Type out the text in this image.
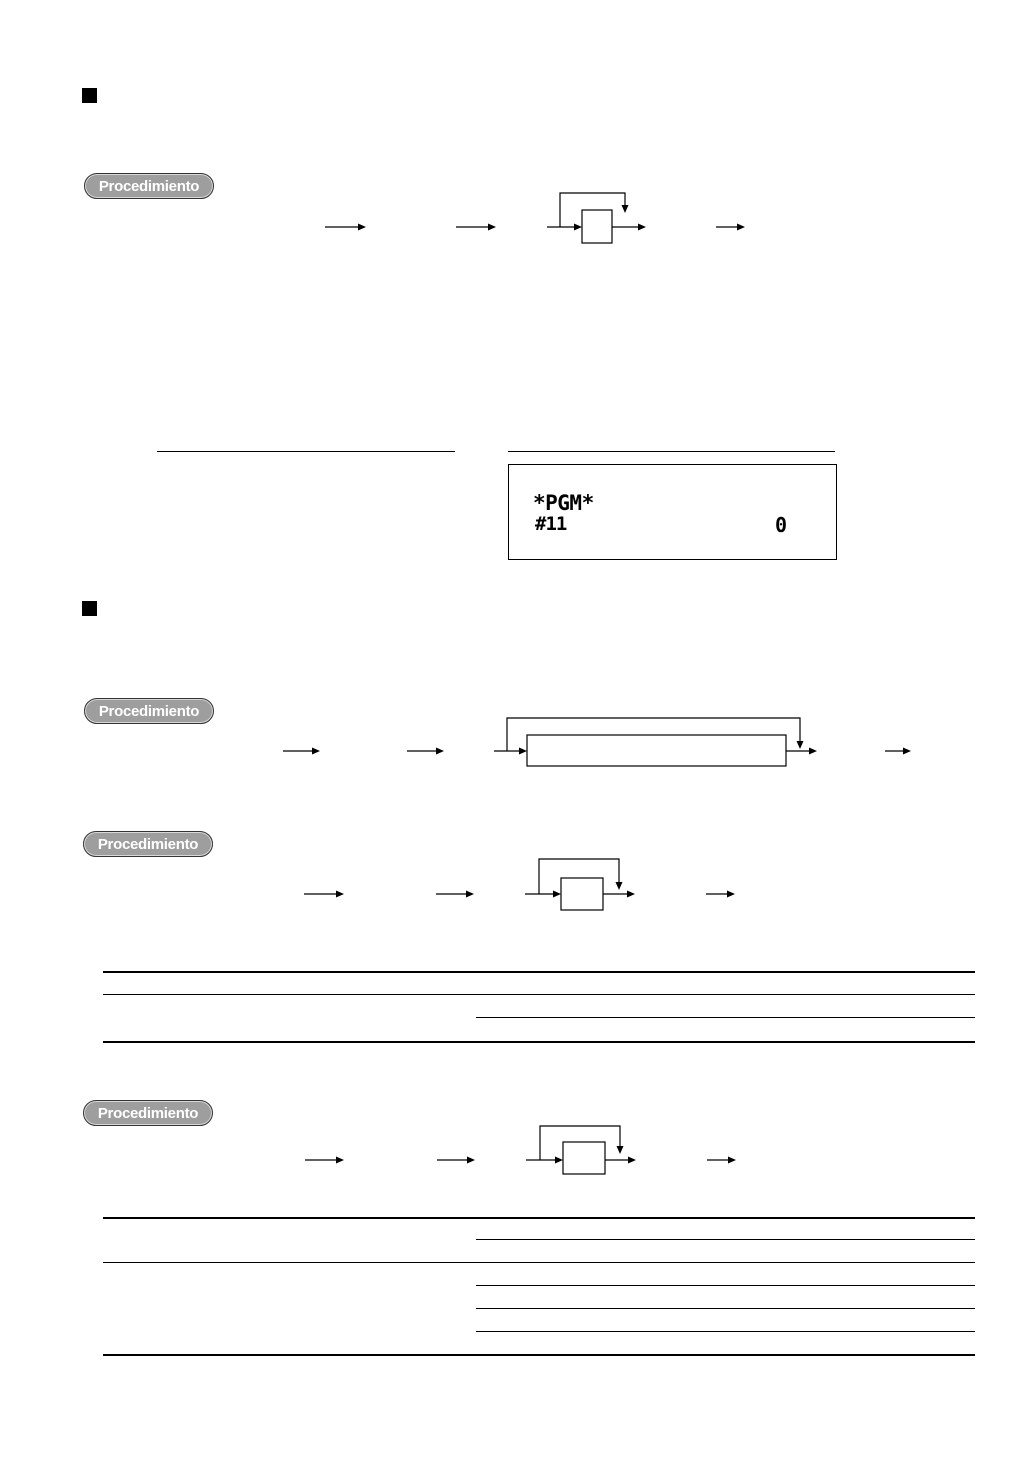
Procedimiento
*PGM*
#11	0
Procedimiento
Procedimiento
Procedimiento
